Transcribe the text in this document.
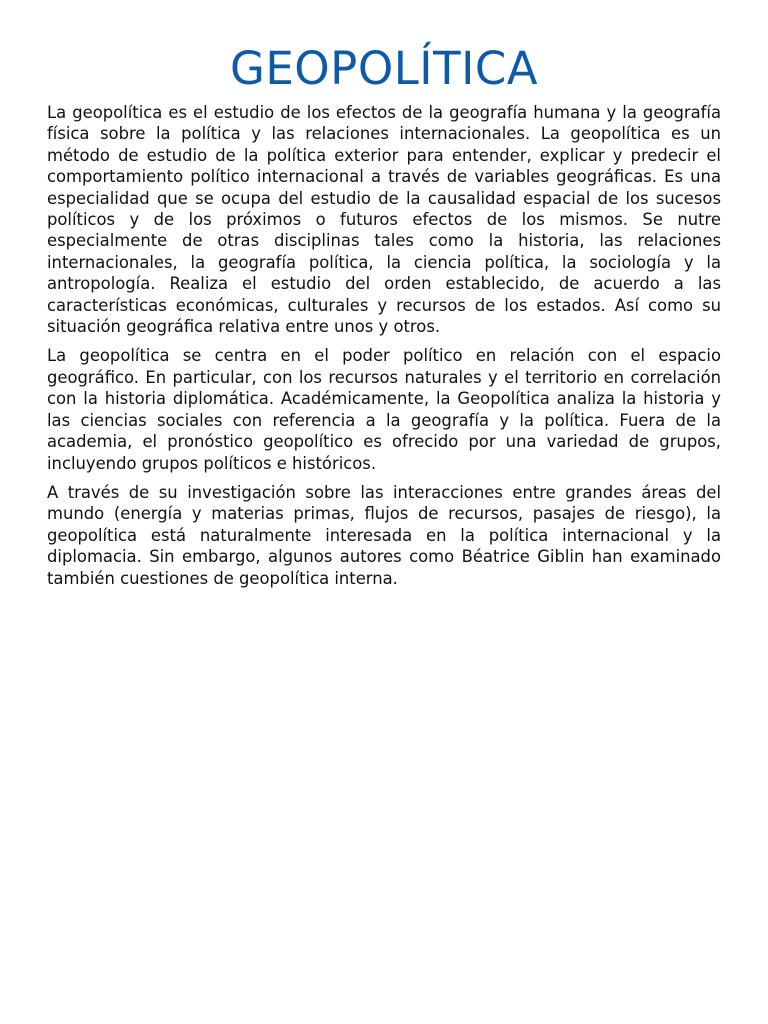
GEOPOLÍTICA

La geopolítica es el estudio de los efectos de la geografía humana y la geografía física sobre la política y las relaciones internacionales. La geopolítica es un método de estudio de la política exterior para entender, explicar y predecir el comportamiento político internacional a través de variables geográficas. Es una especialidad que se ocupa del estudio de la causalidad espacial de los sucesos políticos y de los próximos o futuros efectos de los mismos. Se nutre especialmente de otras disciplinas tales como la historia, las relaciones internacionales, la geografía política, la ciencia política, la sociología y la antropología. Realiza el estudio del orden establecido, de acuerdo a las características económicas, culturales y recursos de los estados. Así como su situación geográfica relativa entre unos y otros.

La geopolítica se centra en el poder político en relación con el espacio geográfico. En particular, con los recursos naturales y el territorio en correlación con la historia diplomática. Académicamente, la Geopolítica analiza la historia y las ciencias sociales con referencia a la geografía y la política. Fuera de la academia, el pronóstico geopolítico es ofrecido por una variedad de grupos, incluyendo grupos políticos e históricos.

A través de su investigación sobre las interacciones entre grandes áreas del mundo (energía y materias primas, flujos de recursos, pasajes de riesgo), la geopolítica está naturalmente interesada en la política internacional y la diplomacia. Sin embargo, algunos autores como Béatrice Giblin han examinado también cuestiones de geopolítica interna.
